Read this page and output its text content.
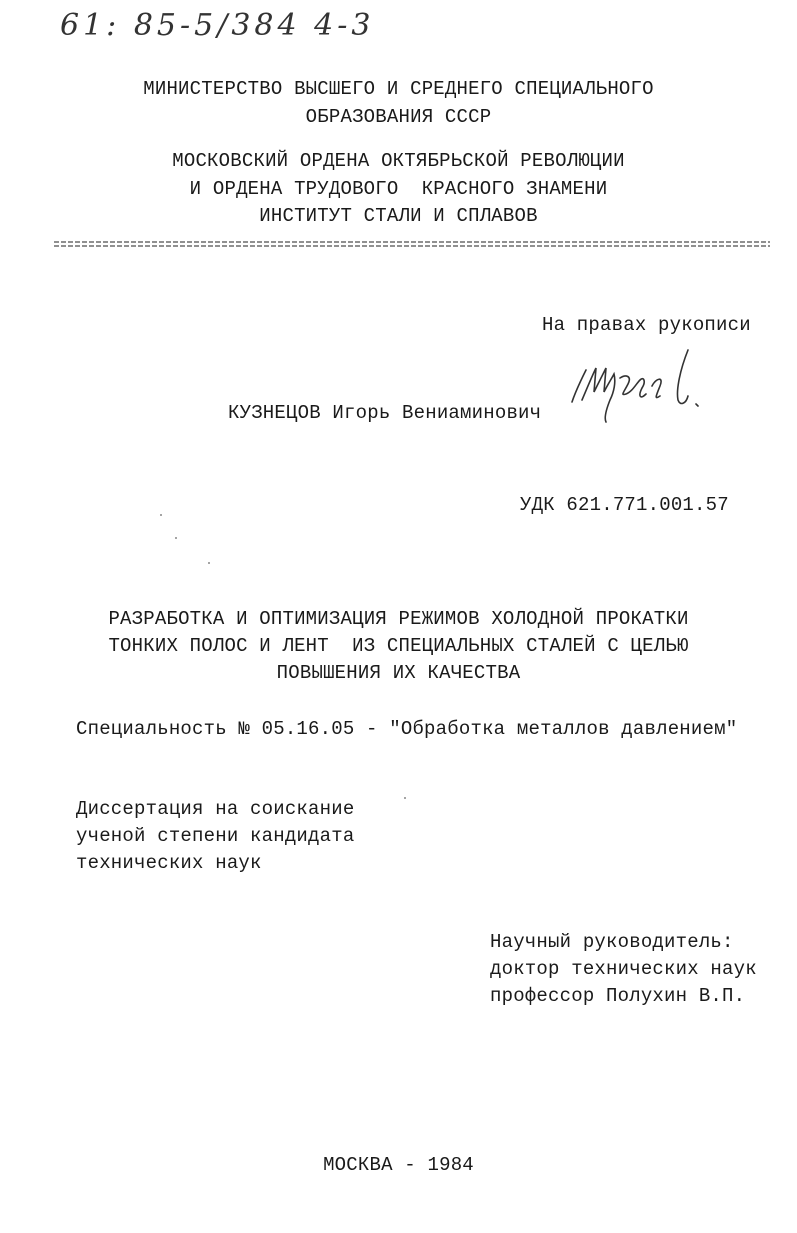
61: 85-5/384 4-3
МИНИСТЕРСТВО ВЫСШЕГО И СРЕДНЕГО СПЕЦИАЛЬНОГО
ОБРАЗОВАНИЯ СССР
МОСКОВСКИЙ ОРДЕНА ОКТЯБРЬСКОЙ РЕВОЛЮЦИИ
И ОРДЕНА ТРУДОВОГО  КРАСНОГО ЗНАМЕНИ
ИНСТИТУТ СТАЛИ И СПЛАВОВ
На правах рукописи
КУЗНЕЦОВ Игорь Вениаминович
УДК 621.771.001.57
РАЗРАБОТКА И ОПТИМИЗАЦИЯ РЕЖИМОВ ХОЛОДНОЙ ПРОКАТКИ
ТОНКИХ ПОЛОС И ЛЕНТ  ИЗ СПЕЦИАЛЬНЫХ СТАЛЕЙ С ЦЕЛЬЮ
ПОВЫШЕНИЯ ИХ КАЧЕСТВА
Специальность № 05.16.05 - "Обработка металлов давлением"
Диссертация на соискание
ученой степени кандидата
технических наук
Научный руководитель:
доктор технических наук
профессор Полухин В.П.
МОСКВА - 1984
